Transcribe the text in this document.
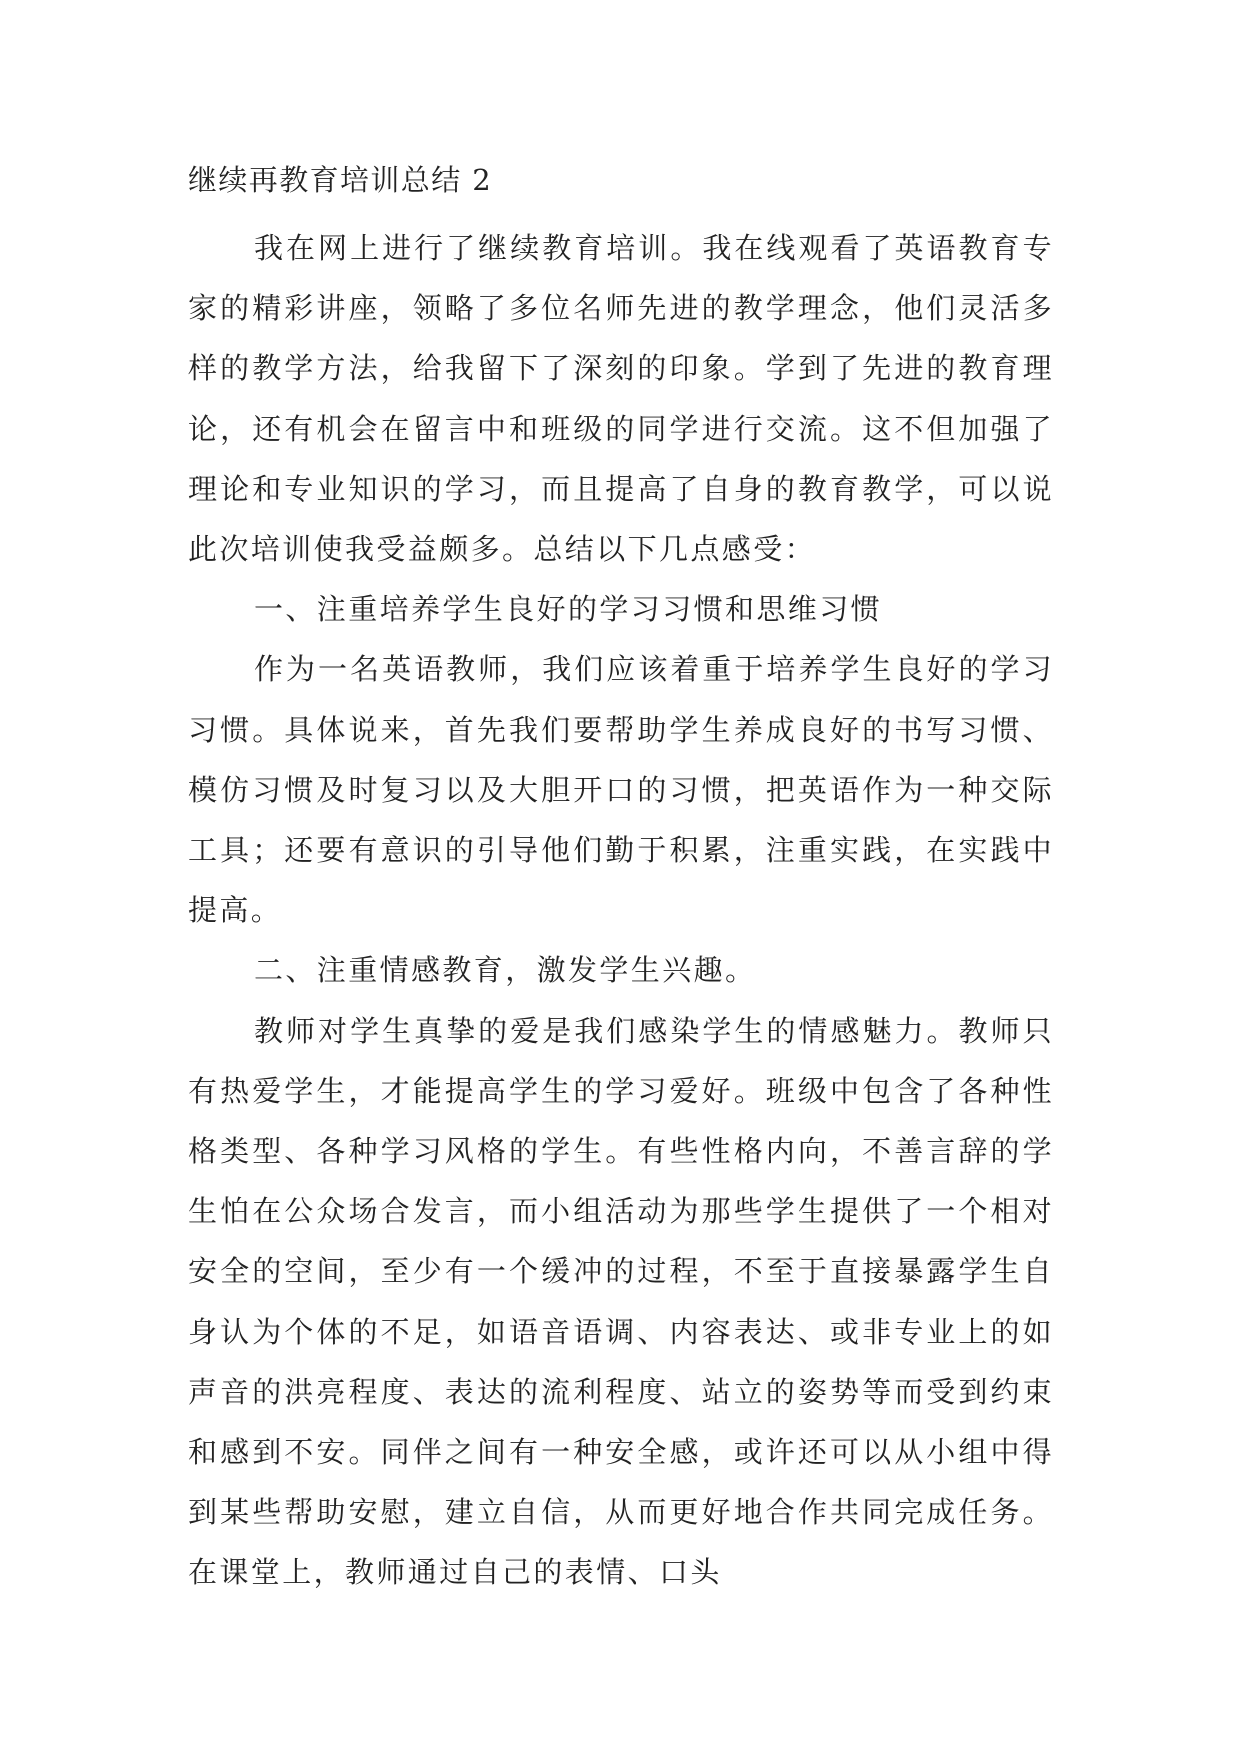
继续再教育培训总结 2

我在网上进行了继续教育培训。我在线观看了英语教育专家的精彩讲座，领略了多位名师先进的教学理念，他们灵活多样的教学方法，给我留下了深刻的印象。学到了先进的教育理论，还有机会在留言中和班级的同学进行交流。这不但加强了理论和专业知识的学习，而且提高了自身的教育教学，可以说此次培训使我受益颇多。总结以下几点感受：

一、注重培养学生良好的学习习惯和思维习惯

作为一名英语教师，我们应该着重于培养学生良好的学习习惯。具体说来，首先我们要帮助学生养成良好的书写习惯、模仿习惯及时复习以及大胆开口的习惯，把英语作为一种交际工具；还要有意识的引导他们勤于积累，注重实践，在实践中提高。

二、注重情感教育，激发学生兴趣。

教师对学生真挚的爱是我们感染学生的情感魅力。教师只有热爱学生，才能提高学生的学习爱好。班级中包含了各种性格类型、各种学习风格的学生。有些性格内向，不善言辞的学生怕在公众场合发言，而小组活动为那些学生提供了一个相对安全的空间，至少有一个缓冲的过程，不至于直接暴露学生自身认为个体的不足，如语音语调、内容表达、或非专业上的如声音的洪亮程度、表达的流利程度、站立的姿势等而受到约束和感到不安。同伴之间有一种安全感，或许还可以从小组中得到某些帮助安慰，建立自信，从而更好地合作共同完成任务。在课堂上，教师通过自己的表情、口头
